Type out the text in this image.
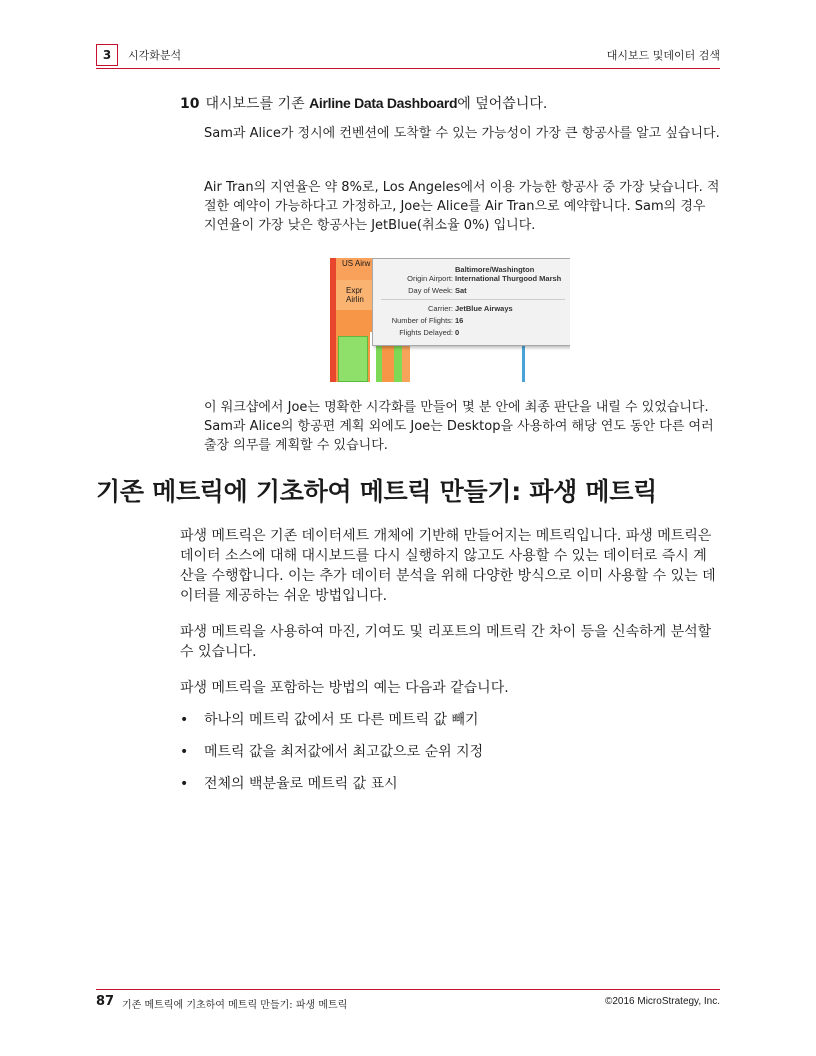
3	시각화분석	대시보드 및데이터 검색
10 대시보드를 기존 Airline Data Dashboard에 덮어씁니다.
Sam과 Alice가 정시에 컨벤션에 도착할 수 있는 가능성이 가장 큰 항공사를 알고 싶습니다.
Air Tran의 지연율은 약 8%로, Los Angeles에서 이용 가능한 항공사 중 가장 낮습니다. 적절한 예약이 가능하다고 가정하고, Joe는 Alice를 Air Tran으로 예약합니다. Sam의 경우 지연율이 가장 낮은 항공사는 JetBlue(취소율 0%) 입니다.
US Airw
Expr
Airlin
Baltimore/Washington
Origin Airport: International Thurgood Marsh
Day of Week: Sat
Carrier: JetBlue Airways
Number of Flights: 16
Flights Delayed: 0
이 워크샵에서 Joe는 명확한 시각화를 만들어 몇 분 안에 최종 판단을 내릴 수 있었습니다. Sam과 Alice의 항공편 계획 외에도 Joe는 Desktop을 사용하여 해당 연도 동안 다른 여러 출장 의무를 계획할 수 있습니다.
기존 메트릭에 기초하여 메트릭 만들기: 파생 메트릭
파생 메트릭은 기존 데이터세트 개체에 기반해 만들어지는 메트릭입니다. 파생 메트릭은 데이터 소스에 대해 대시보드를 다시 실행하지 않고도 사용할 수 있는 데이터로 즉시 계산을 수행합니다. 이는 추가 데이터 분석을 위해 다양한 방식으로 이미 사용할 수 있는 데이터를 제공하는 쉬운 방법입니다.
파생 메트릭을 사용하여 마진, 기여도 및 리포트의 메트릭 간 차이 등을 신속하게 분석할 수 있습니다.
파생 메트릭을 포함하는 방법의 예는 다음과 같습니다.
• 하나의 메트릭 값에서 또 다른 메트릭 값 빼기
• 메트릭 값을 최저값에서 최고값으로 순위 지정
• 전체의 백분율로 메트릭 값 표시
87 기존 메트릭에 기초하여 메트릭 만들기: 파생 메트릭	©2016 MicroStrategy, Inc.
